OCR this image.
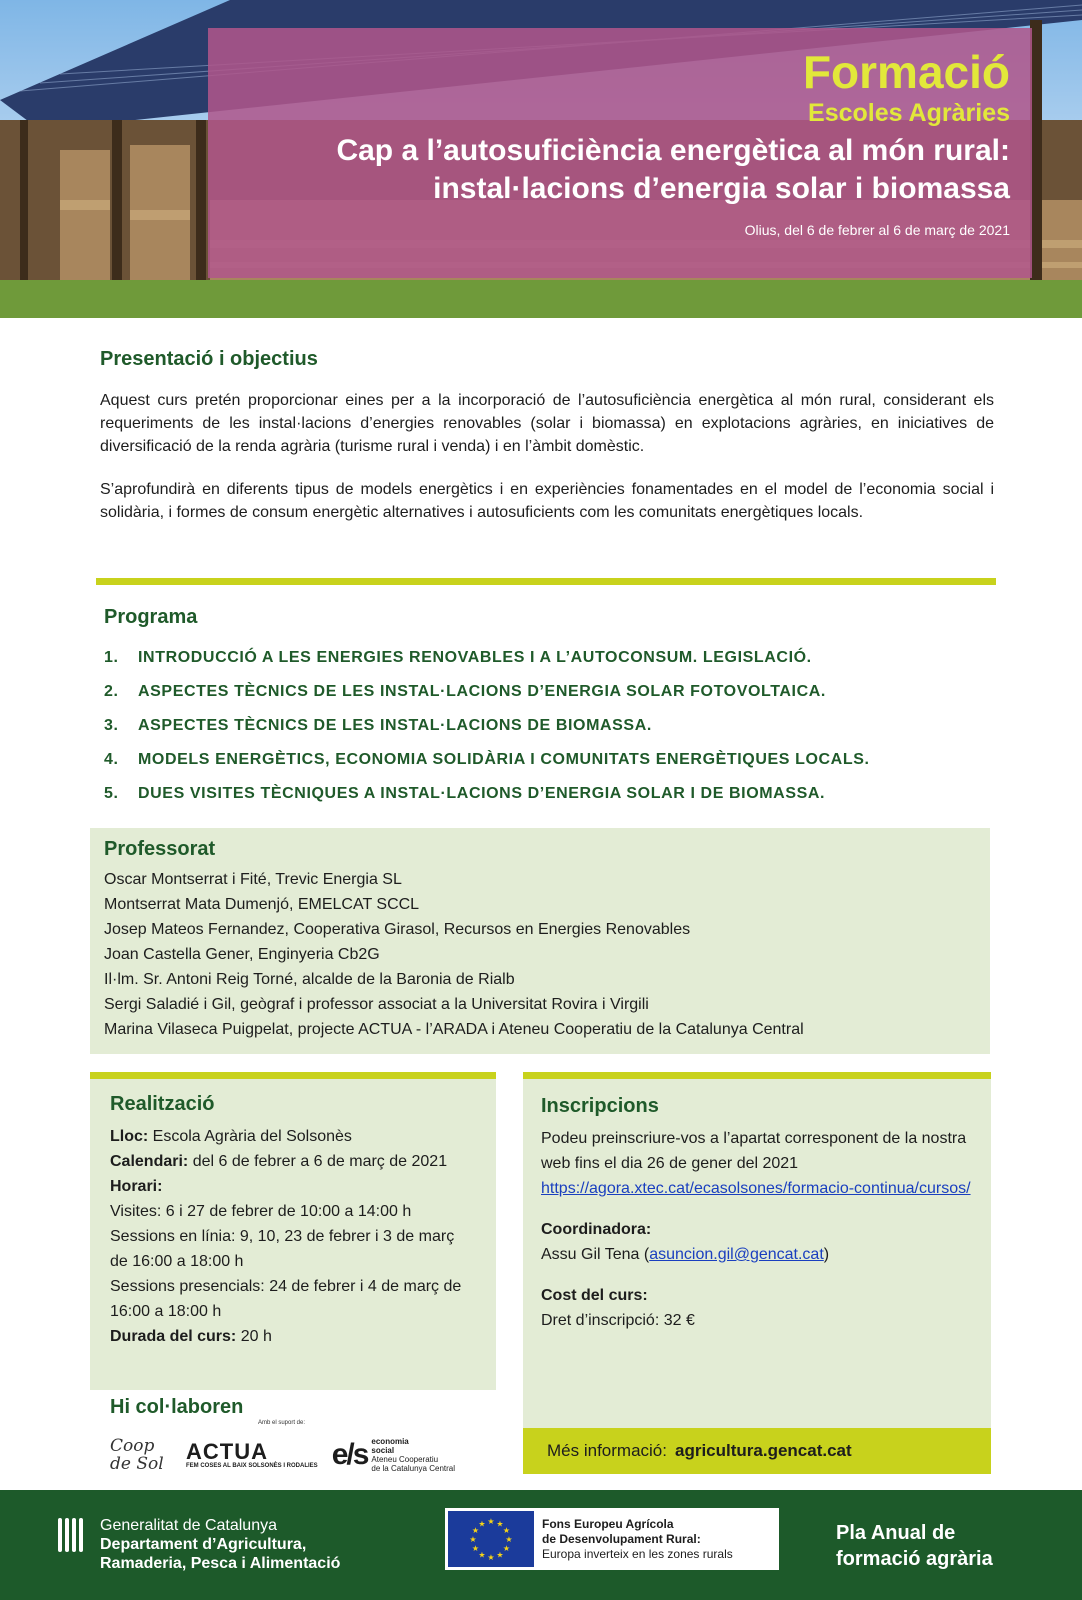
Formació
Escoles Agràries
Cap a l’autosuficiència energètica al món rural:
instal·lacions d’energia solar i biomassa
Olius, del 6 de febrer al 6 de març de 2021
Presentació i objectius

Aquest curs pretén proporcionar eines per a la incorporació de l’autosuficiència energètica al món rural, considerant els requeriments de les instal·lacions d’energies renovables (solar i biomassa) en explotacions agràries, en iniciatives de diversificació de la renda agrària (turisme rural i venda) i en l’àmbit domèstic.

S’aprofundirà en diferents tipus de models energètics i en experiències fonamentades en el model de l’economia social i solidària, i formes de consum energètic alternatives i autosuficients com les comunitats energètiques locals.

Programa
1.	INTRODUCCIÓ A LES ENERGIES RENOVABLES I A L’AUTOCONSUM. LEGISLACIÓ.
2.	ASPECTES TÈCNICS DE LES INSTAL·LACIONS D’ENERGIA SOLAR FOTOVOLTAICA.
3.	ASPECTES TÈCNICS DE LES INSTAL·LACIONS DE BIOMASSA.
4.	MODELS ENERGÈTICS, ECONOMIA SOLIDÀRIA I COMUNITATS ENERGÈTIQUES LOCALS.
5.	DUES VISITES TÈCNIQUES A INSTAL·LACIONS D’ENERGIA SOLAR I DE BIOMASSA.
Professorat
Oscar Montserrat i Fité, Trevic Energia SL
Montserrat Mata Dumenjó, EMELCAT SCCL
Josep Mateos Fernandez, Cooperativa Girasol, Recursos en Energies Renovables
Joan Castella Gener, Enginyeria Cb2G
Il·lm. Sr. Antoni Reig Torné, alcalde de la Baronia de Rialb
Sergi Saladié i Gil, geògraf i professor associat a la Universitat Rovira i Virgili
Marina Vilaseca Puigpelat, projecte ACTUA - l’ARADA i Ateneu Cooperatiu de la Catalunya Central
Realització
Lloc: Escola Agrària del Solsonès
Calendari: del 6 de febrer a 6 de març de 2021
Horari:
Visites: 6 i 27 de febrer de 10:00 a 14:00 h
Sessions en línia: 9, 10, 23 de febrer i 3 de març de 16:00 a 18:00 h
Sessions presencials: 24 de febrer i 4 de març de 16:00 a 18:00 h
Durada del curs: 20 h
Inscripcions
Podeu preinscriure-vos a l’apartat corresponent de la nostra web fins el dia 26 de gener del 2021
https://agora.xtec.cat/ecasolsones/formacio-continua/cursos/
Coordinadora:
Assu Gil Tena (asuncion.gil@gencat.cat)
Cost del curs:
Dret d’inscripció: 32 €
Més informació: agricultura.gencat.cat
Hi col·laboren
Amb el suport de:
Coop de Sol
ACTUA
FEM COSES AL BAIX SOLSONÈS I RODALIES e/s economia
social
Ateneu Cooperatiu
de la Catalunya Central
Generalitat de Catalunya
Departament d’Agricultura,
Ramaderia, Pesca i Alimentació
★ ★
★
★
★
★
★
★
★
★
★
★	Fons Europeu Agrícola
de Desenvolupament Rural:
Europa inverteix en les zones rurals
Pla Anual de
formació agrària
